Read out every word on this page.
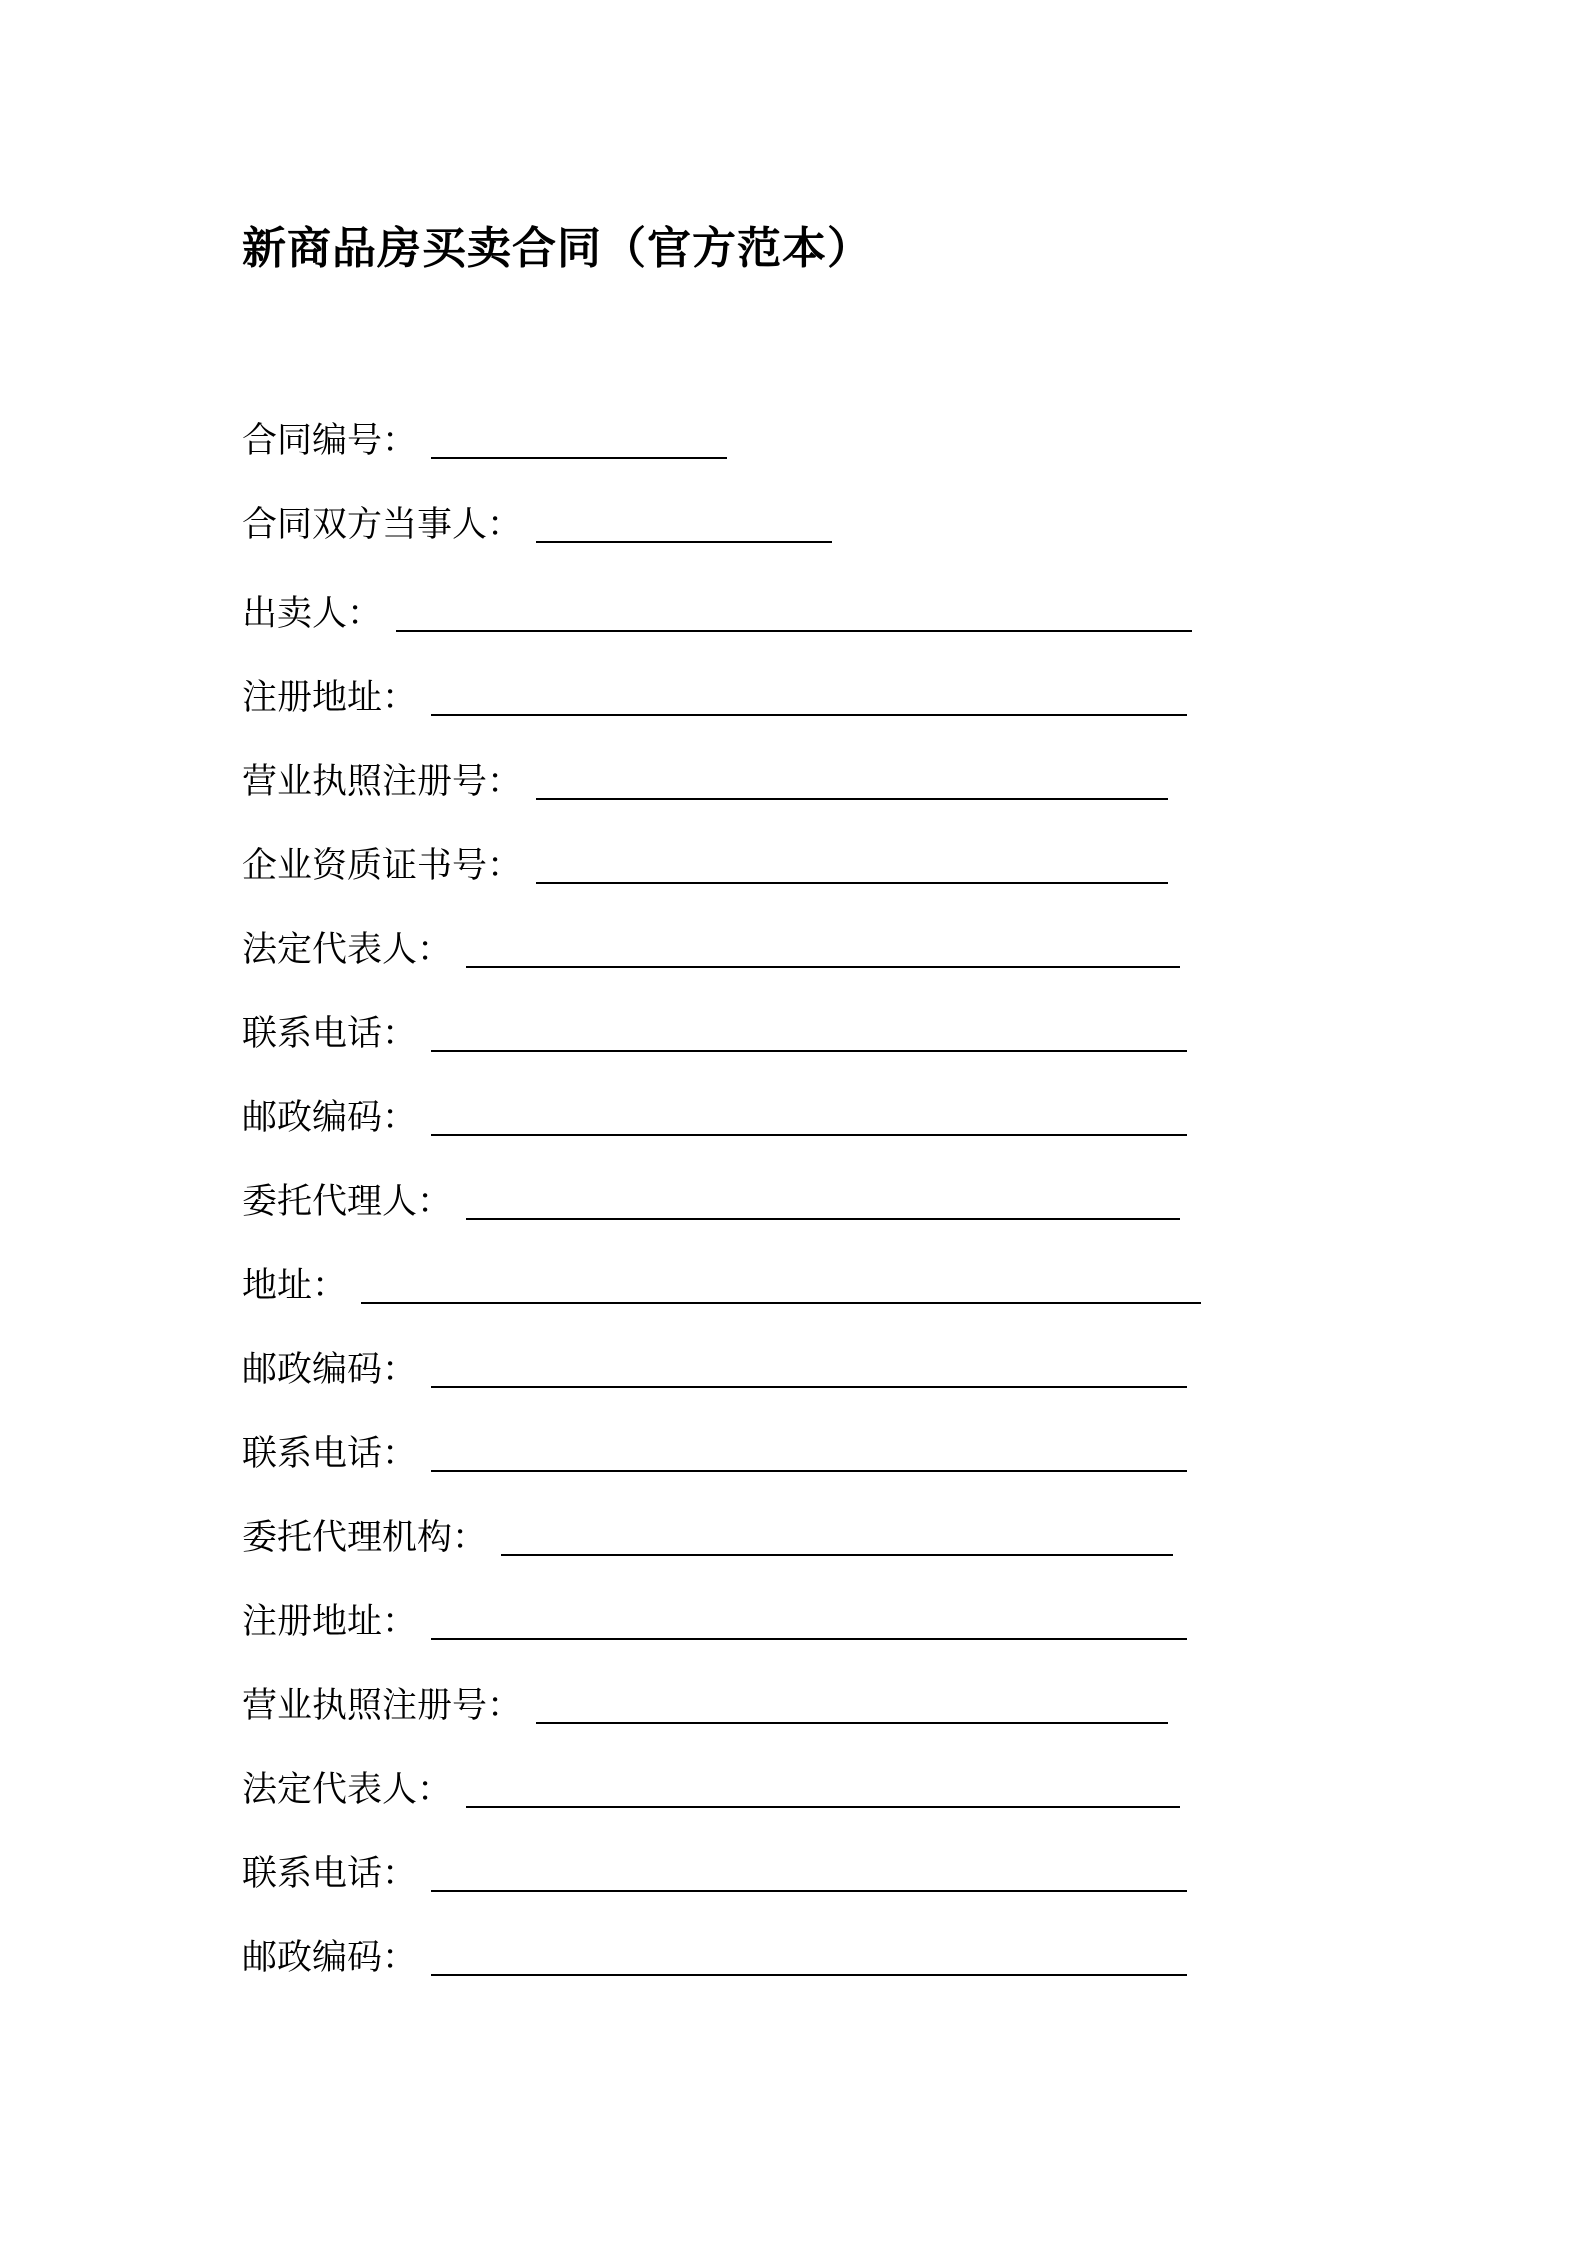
新商品房买卖合同（官方范本）
合同编号 ：
合同双方当事人 ：
出卖人 ：
注册地址 ：
营业执照注册号 ：
企业资质证书号 ：
法定代表人 ：
联系电话 ：
邮政编码 ：
委托代理人 ：
地址 ：
邮政编码 ：
联系电话 ：
委托代理机构 ：
注册地址 ：
营业执照注册号 ：
法定代表人 ：
联系电话 ：
邮政编码 ：
